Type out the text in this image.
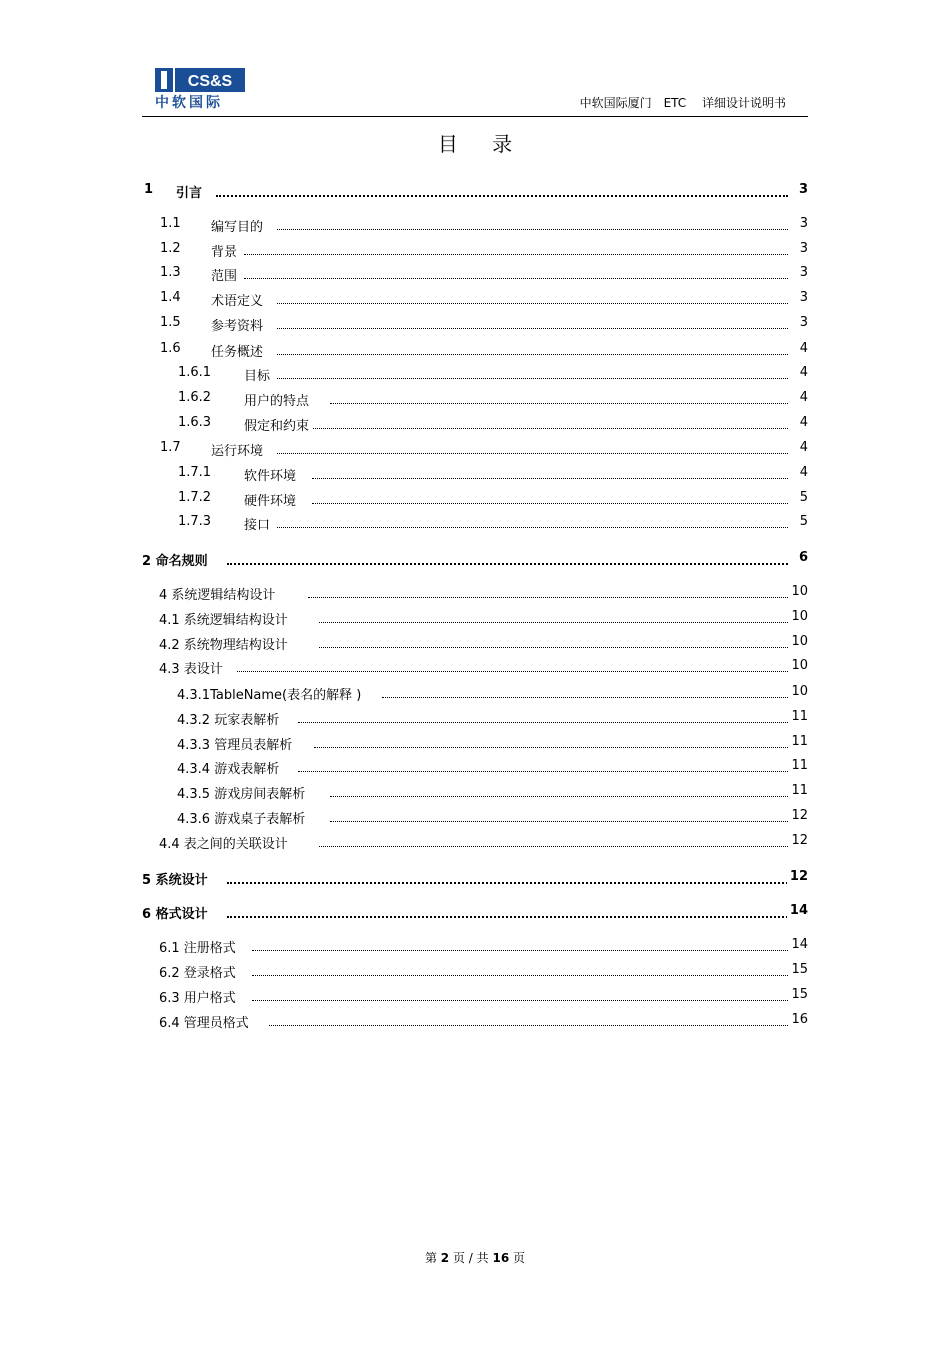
CS&S
中软国际	中软国际厦门　ETC　 详细设计说明书
目 录
1 引言	3
1.1 编写目的	3
1.2 背景	3
1.3 范围	3
1.4 术语定义	3
1.5 参考资料	3
1.6 任务概述	4
1.6.1	目标	4
1.6.2	用户的特点	4
1.6.3	假定和约束	4
1.7 运行环境	4
1.7.1	软件环境	4
1.7.2	硬件环境	5
1.7.3	接口	5
2 命名规则	6
4 系统逻辑结构设计	10
4.1 系统逻辑结构设计	10
4.2 系统物理结构设计	10
4.3 表设计	10
4.3.1TableName(表名的解释 )	10
4.3.2 玩家表解析	11
4.3.3 管理员表解析	11
4.3.4 游戏表解析	11
4.3.5 游戏房间表解析	11
4.3.6 游戏桌子表解析	12
4.4 表之间的关联设计	12
5 系统设计	12
6 格式设计	14
6.1 注册格式	14
6.2 登录格式	15
6.3 用户格式	15
6.4 管理员格式	16
第 2 页 / 共 16 页
